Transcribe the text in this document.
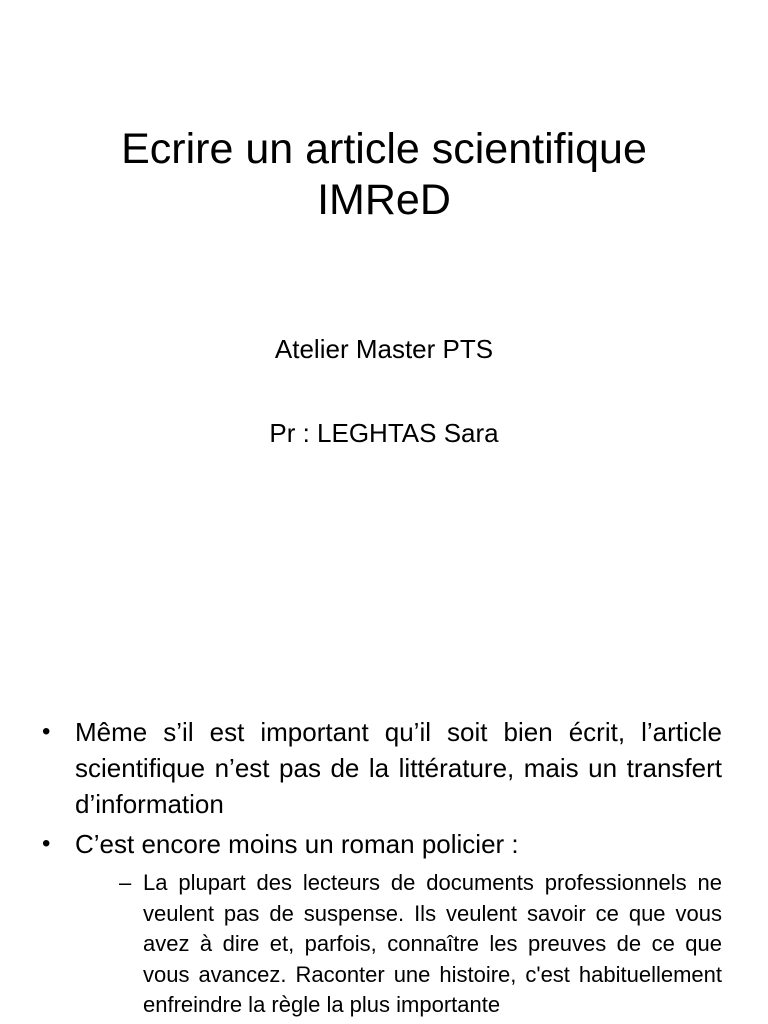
Ecrire un article scientifique
IMReD
Atelier Master PTS
Pr : LEGHTAS Sara
• Même s’il est important qu’il soit bien écrit, l’article scientifique n’est pas de la littérature, mais un transfert d’information
• C’est encore moins un roman policier :
– La plupart des lecteurs de documents professionnels ne veulent pas de suspense. Ils veulent savoir ce que vous avez à dire et, parfois, connaître les preuves de ce que vous avancez. Raconter une histoire, c'est habituellement enfreindre la règle la plus importante
